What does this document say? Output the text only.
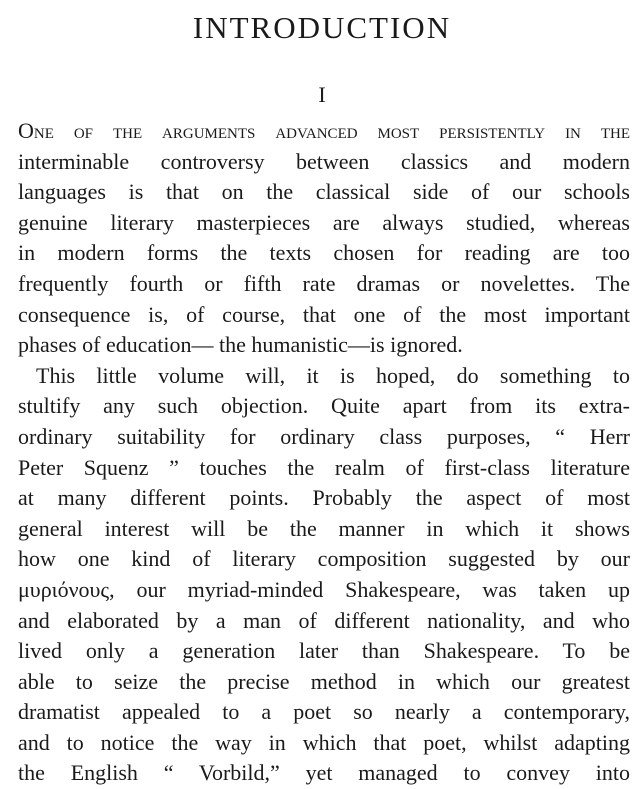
INTRODUCTION
I
One of the arguments advanced most persistently in the
interminable controversy between classics and modern
languages is that on the classical side of our schools
genuine literary masterpieces are always studied, whereas
in modern forms the texts chosen for reading are too
frequently fourth or fifth rate dramas or novelettes. The
consequence is, of course, that one of the most important
phases of education— the humanistic—is ignored.
This little volume will, it is hoped, do something to
stultify any such objection. Quite apart from its extra-
ordinary suitability for ordinary class purposes, “ Herr
Peter Squenz ” touches the realm of first-class literature
at many different points. Probably the aspect of most
general interest will be the manner in which it shows
how one kind of literary composition suggested by our
μυριόνους, our myriad-minded Shakespeare, was taken up
and elaborated by a man of different nationality, and who
lived only a generation later than Shakespeare. To be
able to seize the precise method in which our greatest
dramatist appealed to a poet so nearly a contemporary,
and to notice the way in which that poet, whilst adapting
the English “ Vorbild,” yet managed to convey into
